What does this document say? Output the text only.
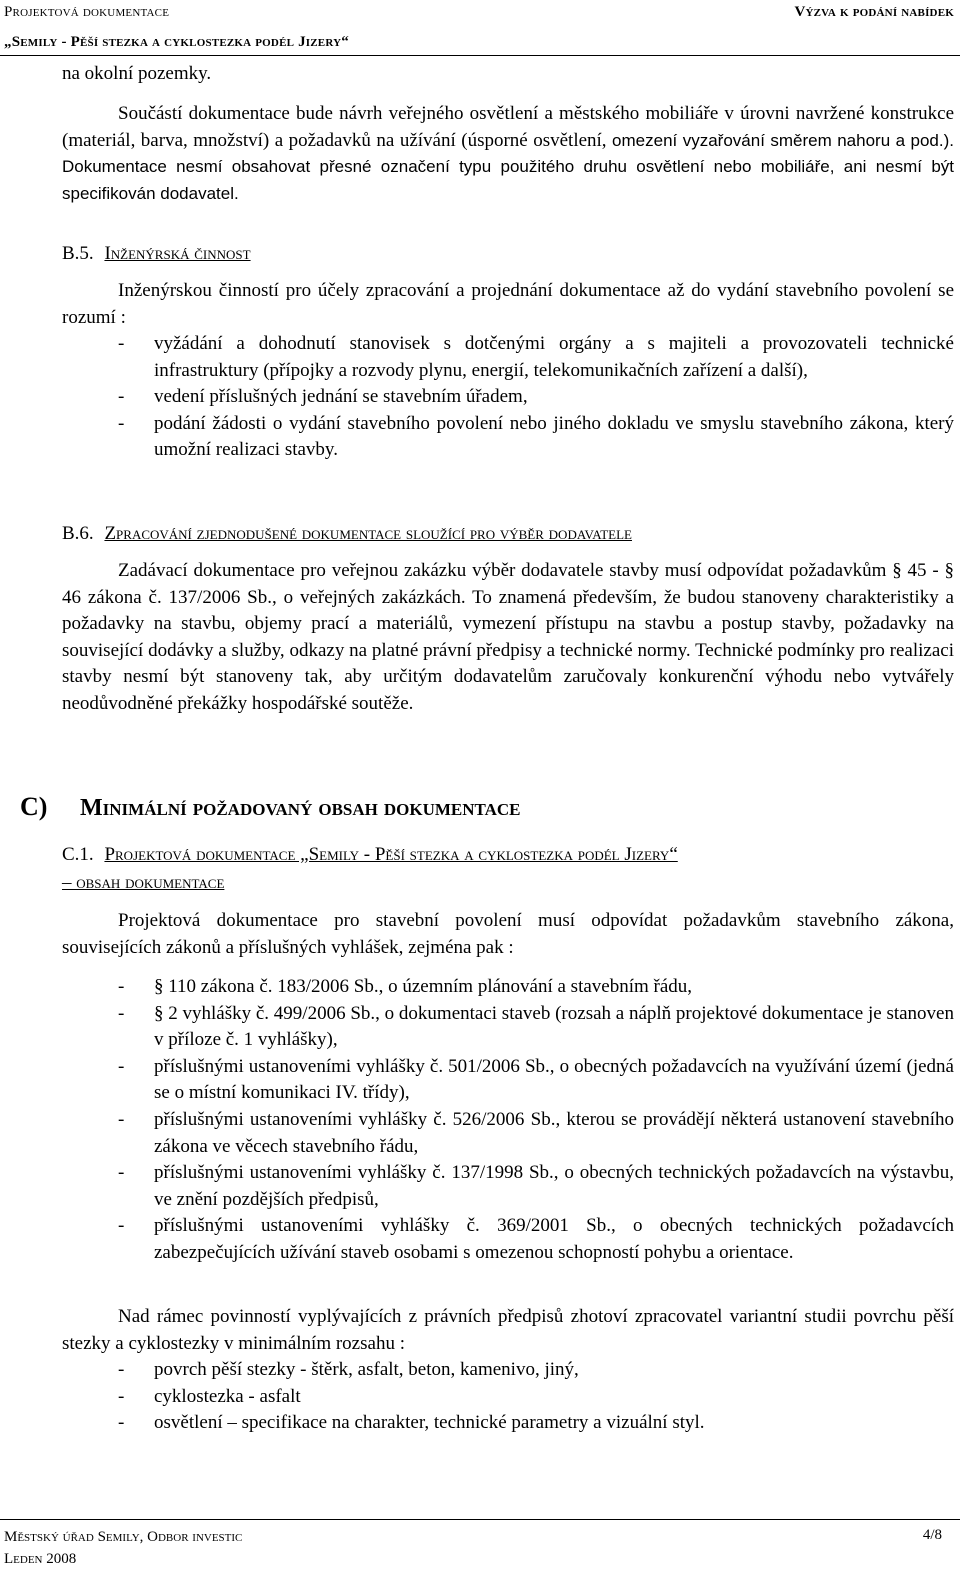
Projektová dokumentace	Výzva k podání nabídek
„Semily - Pěší stezka a cyklostezka podél Jizery“
na okolní pozemky.
Součástí dokumentace bude návrh veřejného osvětlení a městského mobiliáře v úrovni navržené konstrukce (materiál, barva, množství) a požadavků na užívání (úsporné osvětlení, omezení vyzařování směrem nahoru a pod.). Dokumentace nesmí obsahovat přesné označení typu použitého druhu osvětlení nebo mobiliáře, ani nesmí být specifikován dodavatel.
B.5. Inženýrská činnost
Inženýrskou činností pro účely zpracování a projednání dokumentace až do vydání stavebního povolení se rozumí :
- vyžádání a dohodnutí stanovisek s dotčenými orgány a s majiteli a provozovateli technické infrastruktury (přípojky a rozvody plynu, energií, telekomunikačních zařízení a další),
- vedení příslušných jednání se stavebním úřadem,
- podání žádosti o vydání stavebního povolení nebo jiného dokladu ve smyslu stavebního zákona, který umožní realizaci stavby.
B.6. Zpracování zjednodušené dokumentace sloužící pro výběr dodavatele
Zadávací dokumentace pro veřejnou zakázku výběr dodavatele stavby musí odpovídat požadavkům § 45 - § 46 zákona č. 137/2006 Sb., o veřejných zakázkách. To znamená především, že budou stanoveny charakteristiky a požadavky na stavbu, objemy prací a materiálů, vymezení přístupu na stavbu a postup stavby, požadavky na související dodávky a služby, odkazy na platné právní předpisy a technické normy. Technické podmínky pro realizaci stavby nesmí být stanoveny tak, aby určitým dodavatelům zaručovaly konkurenční výhodu nebo vytvářely neodůvodněné překážky hospodářské soutěže.
C) Minimální požadovaný obsah dokumentace
C.1. Projektová dokumentace „Semily - Pěší stezka a cyklostezka podél Jizery“
– obsah dokumentace
Projektová dokumentace pro stavební povolení musí odpovídat požadavkům stavebního zákona, souvisejících zákonů a příslušných vyhlášek, zejména pak :
- § 110 zákona č. 183/2006 Sb., o územním plánování a stavebním řádu,
- § 2 vyhlášky č. 499/2006 Sb., o dokumentaci staveb (rozsah a náplň projektové dokumentace je stanoven v příloze č. 1 vyhlášky),
- příslušnými ustanoveními vyhlášky č. 501/2006 Sb., o obecných požadavcích na využívání území (jedná se o místní komunikaci IV. třídy),
- příslušnými ustanoveními vyhlášky č. 526/2006 Sb., kterou se provádějí některá ustanovení stavebního zákona ve věcech stavebního řádu,
- příslušnými ustanoveními vyhlášky č. 137/1998 Sb., o obecných technických požadavcích na výstavbu, ve znění pozdějších předpisů,
- příslušnými ustanoveními vyhlášky č. 369/2001 Sb., o obecných technických požadavcích zabezpečujících užívání staveb osobami s omezenou schopností pohybu a orientace.
Nad rámec povinností vyplývajících z právních předpisů zhotoví zpracovatel variantní studii povrchu pěší stezky a cyklostezky v minimálním rozsahu :
- povrch pěší stezky - štěrk, asfalt, beton, kamenivo, jiný,
- cyklostezka - asfalt
- osvětlení – specifikace na charakter, technické parametry a vizuální styl.
Městský úřad Semily, Odbor investic	4/8
Leden 2008
